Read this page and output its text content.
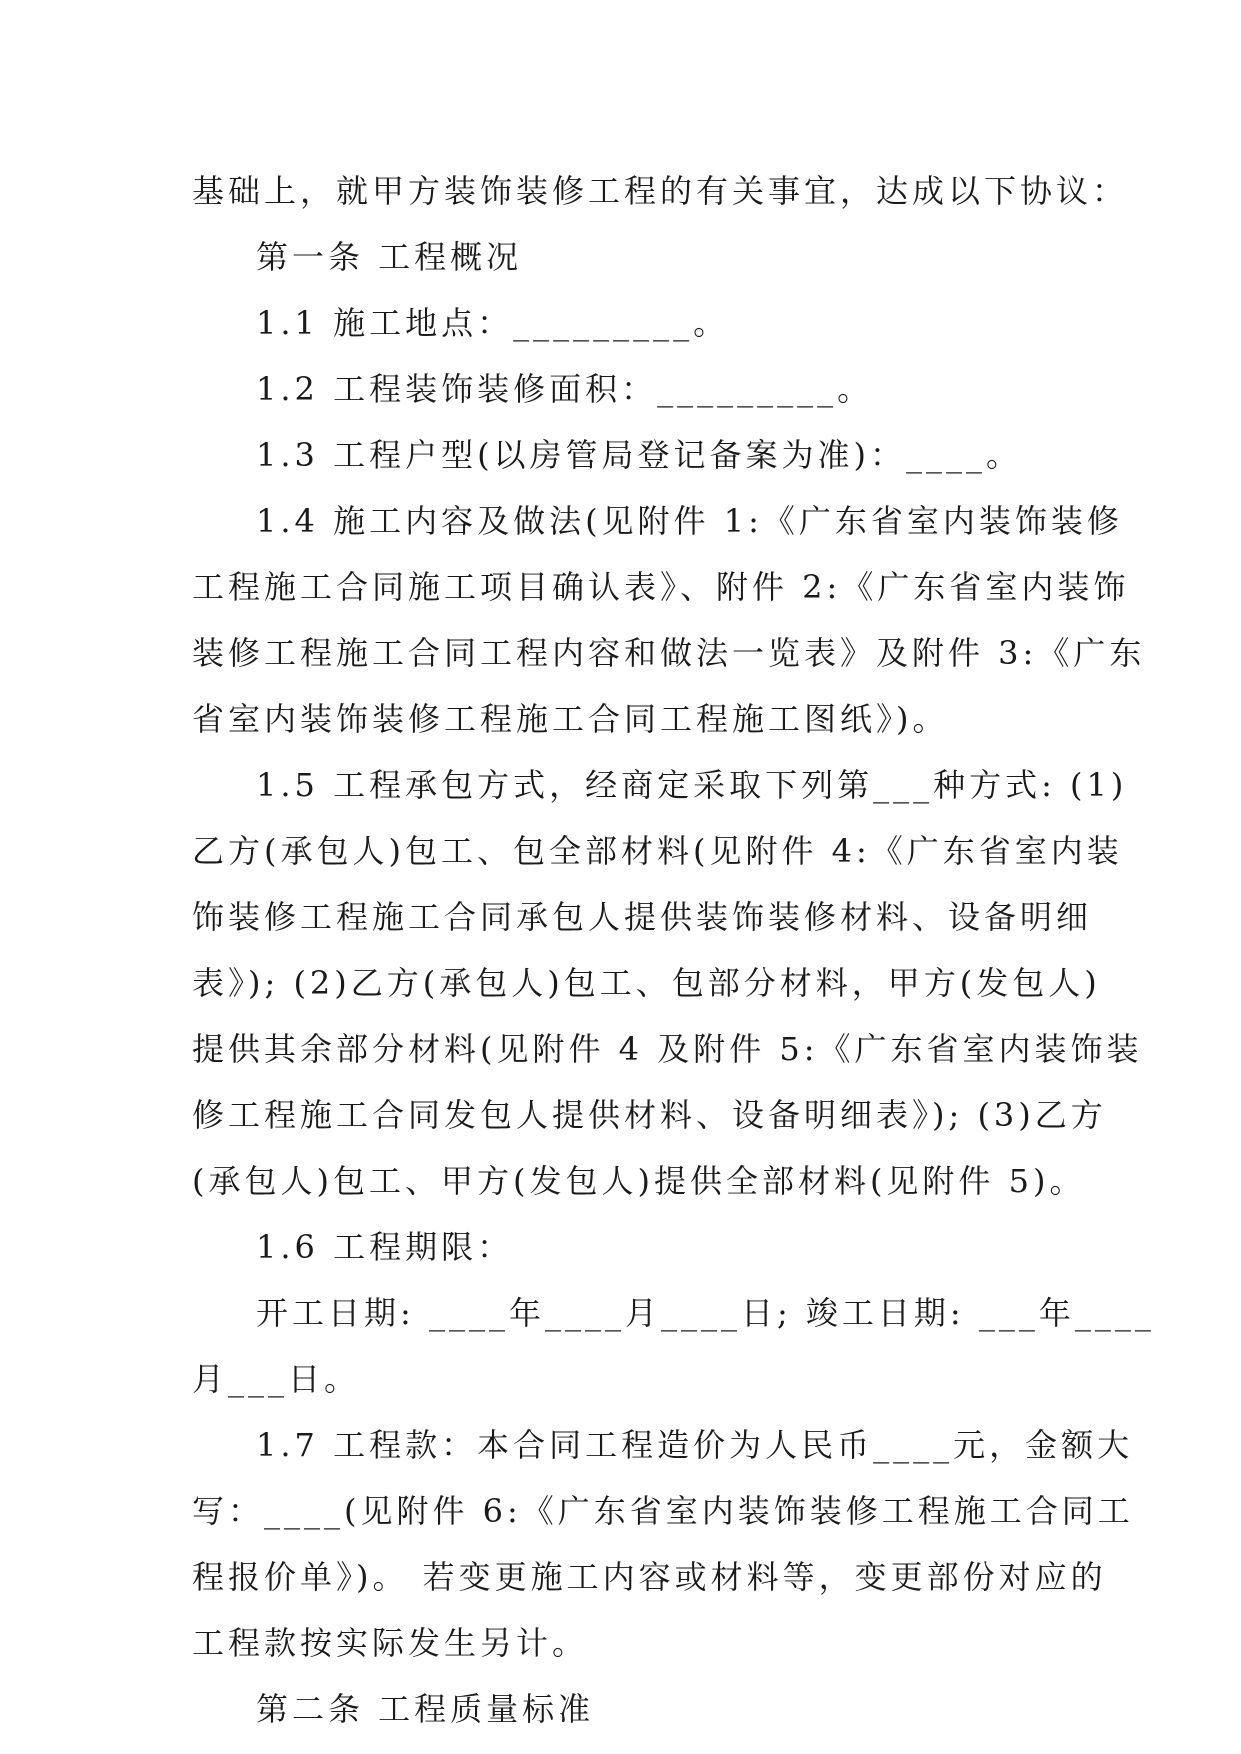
基础上，就甲方装饰装修工程的有关事宜，达成以下协议：
第一条 工程概况
1.1 施工地点：_________。
1.2 工程装饰装修面积：_________。
1.3 工程户型(以房管局登记备案为准)：____。
1.4 施工内容及做法(见附件 1:《广东省室内装饰装修
工程施工合同施工项目确认表》、附件 2:《广东省室内装饰
装修工程施工合同工程内容和做法一览表》及附件 3:《广东
省室内装饰装修工程施工合同工程施工图纸》)。
1.5 工程承包方式，经商定采取下列第___种方式: (1)
乙方(承包人)包工、包全部材料(见附件 4:《广东省室内装
饰装修工程施工合同承包人提供装饰装修材料、设备明细
表》); (2)乙方(承包人)包工、包部分材料，甲方(发包人)
提供其余部分材料(见附件 4 及附件 5:《广东省室内装饰装
修工程施工合同发包人提供材料、设备明细表》); (3)乙方
(承包人)包工、甲方(发包人)提供全部材料(见附件 5)。
1.6 工程期限：
开工日期: ____年____月____日; 竣工日期: ___年____
月___日。
1.7 工程款：本合同工程造价为人民币____元，金额大
写：____(见附件 6:《广东省室内装饰装修工程施工合同工
程报价单》)。 若变更施工内容或材料等，变更部份对应的
工程款按实际发生另计。
第二条 工程质量标准
